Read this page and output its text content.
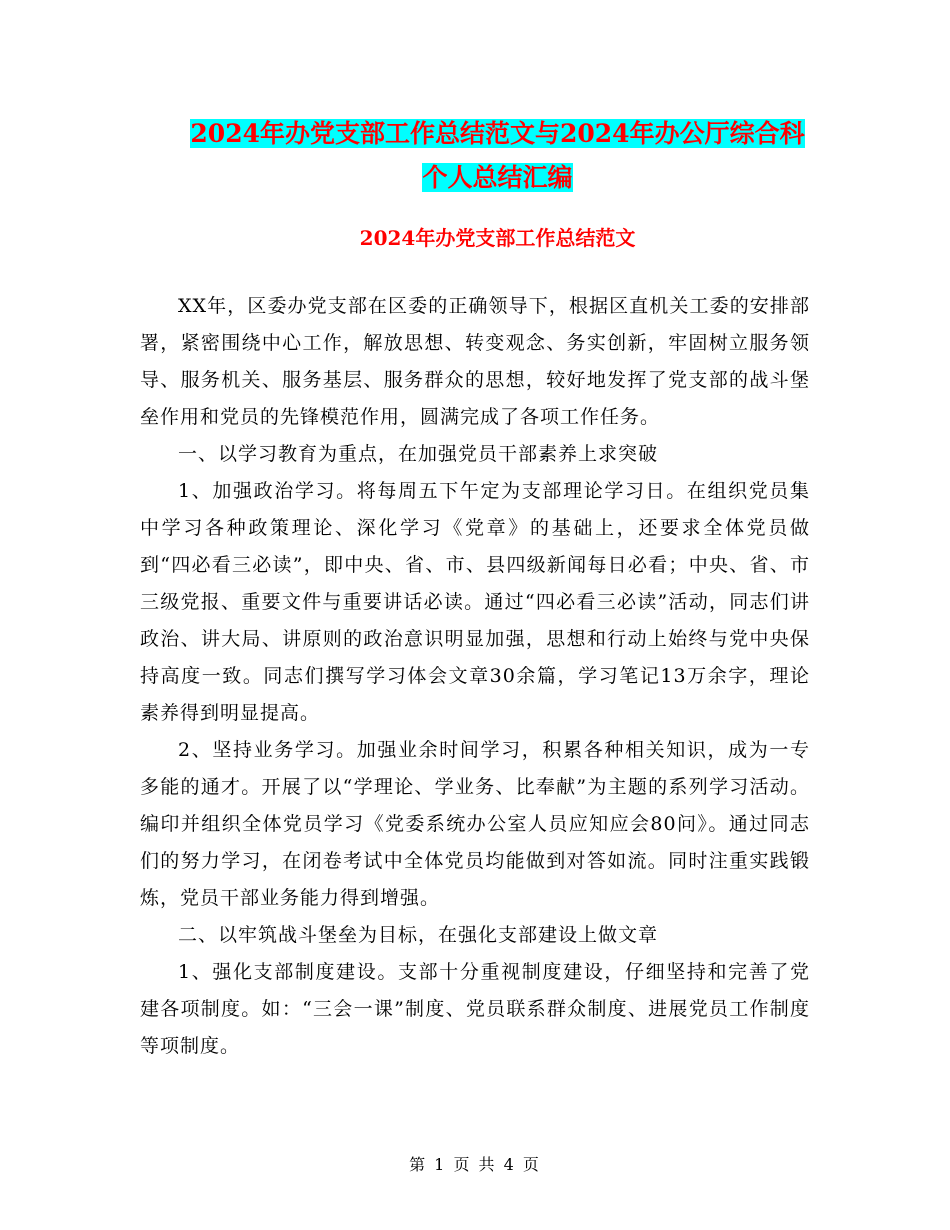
2024年办党支部工作总结范文与2024年办公厅综合科
个人总结汇编
2024年办党支部工作总结范文

XX年，区委办党支部在区委的正确领导下，根据区直机关工委的安排部署，紧密围绕中心工作，解放思想、转变观念、务实创新，牢固树立服务领导、服务机关、服务基层、服务群众的思想，较好地发挥了党支部的战斗堡垒作用和党员的先锋模范作用，圆满完成了各项工作任务。

一、以学习教育为重点，在加强党员干部素养上求突破

1、加强政治学习。将每周五下午定为支部理论学习日。在组织党员集中学习各种政策理论、深化学习《党章》的基础上，还要求全体党员做到“四必看三必读”，即中央、省、市、县四级新闻每日必看；中央、省、市三级党报、重要文件与重要讲话必读。通过“四必看三必读”活动，同志们讲政治、讲大局、讲原则的政治意识明显加强，思想和行动上始终与党中央保持高度一致。同志们撰写学习体会文章30余篇，学习笔记13万余字，理论素养得到明显提高。

2、坚持业务学习。加强业余时间学习，积累各种相关知识，成为一专多能的通才。开展了以“学理论、学业务、比奉献”为主题的系列学习活动。编印并组织全体党员学习《党委系统办公室人员应知应会80问》。通过同志们的努力学习，在闭卷考试中全体党员均能做到对答如流。同时注重实践锻炼，党员干部业务能力得到增强。

二、以牢筑战斗堡垒为目标，在强化支部建设上做文章

1、强化支部制度建设。支部十分重视制度建设，仔细坚持和完善了党建各项制度。如：“三会一课”制度、党员联系群众制度、进展党员工作制度等项制度。

第 1 页 共 4 页
